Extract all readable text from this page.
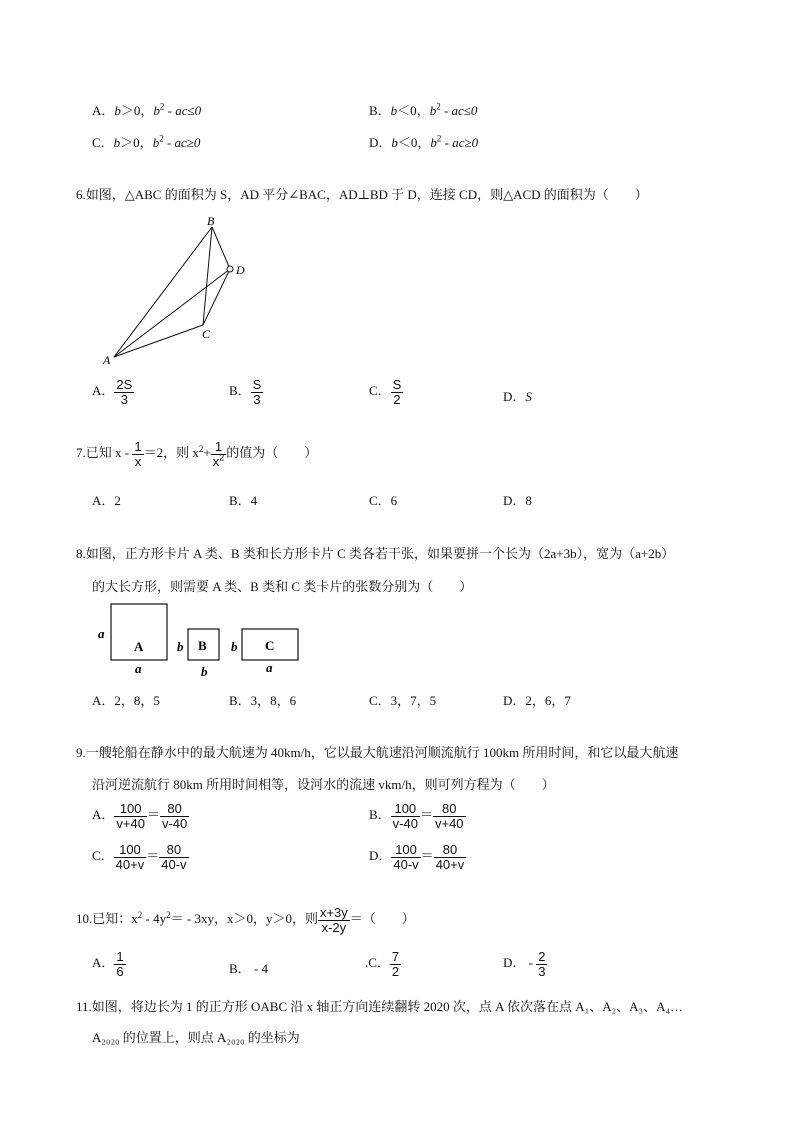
A．b＞0，$b^2 - ac\le 0$	B．b＜0，$b^2 - ac\le 0$
C．b＞0，$b^2 - ac\ge 0$	D．b＜0，$b^2 - ac\ge 0$
6.如图，△ABC 的面积为 S，AD 平分∠BAC，AD⊥BD 于 D，连接 CD，则△ACD 的面积为（　　）
B
D
C
A
A． $\frac{2S}{3}$	B． $\frac{S}{3}$	C． $\frac{S}{2}$	D．S
7.已知 $x - \frac{1}{x} =2$，则 $x^2+ \frac{1}{x^2}$ 的值为（　　）
A．2	B．4	C．6	D．8
8.如图，正方形卡片 A 类、B 类和长方形卡片 C 类各若干张，如果要拼一个长为（2a+3b），宽为（a+2b）
的大长方形，则需要 A 类、B 类和 C 类卡片的张数分别为（　　）
A	B	C
a
a
b
b
b
a
A．2，8，5	B．3，8，6	C．3，7，5	D．2，6，7
9.一艘轮船在静水中的最大航速为 40km/h，它以最大航速沿河顺流航行 100km 所用时间，和它以最大航速
沿河逆流航行 80km 所用时间相等，设河水的流速 vkm/h，则可列方程为（　　）
A． $\frac{100}{v+40} = \frac{80}{v-40}$	B． $\frac{100}{v-40} = \frac{80}{v+40}$
C． $\frac{100}{40+v} = \frac{80}{40-v}$	D． $\frac{100}{40-v} = \frac{80}{40+v}$
10.已知：$x^2 - 4y^2= - 3xy$，x＞0，y＞0，则 $\frac{x+3y}{x-2y}$ ＝（　　）
A． $\frac{1}{6}$	B． - 4	.C． $\frac{7}{2}$	D． - $\frac{2}{3}$
11.如图，将边长为 1 的正方形 OABC 沿 x 轴正方向连续翻转 2020 次，点 A 依次落在点 A₁、A₂、A₃、A₄…
A₂₀₂₀ 的位置上，则点 A₂₀₂₀ 的坐标为
